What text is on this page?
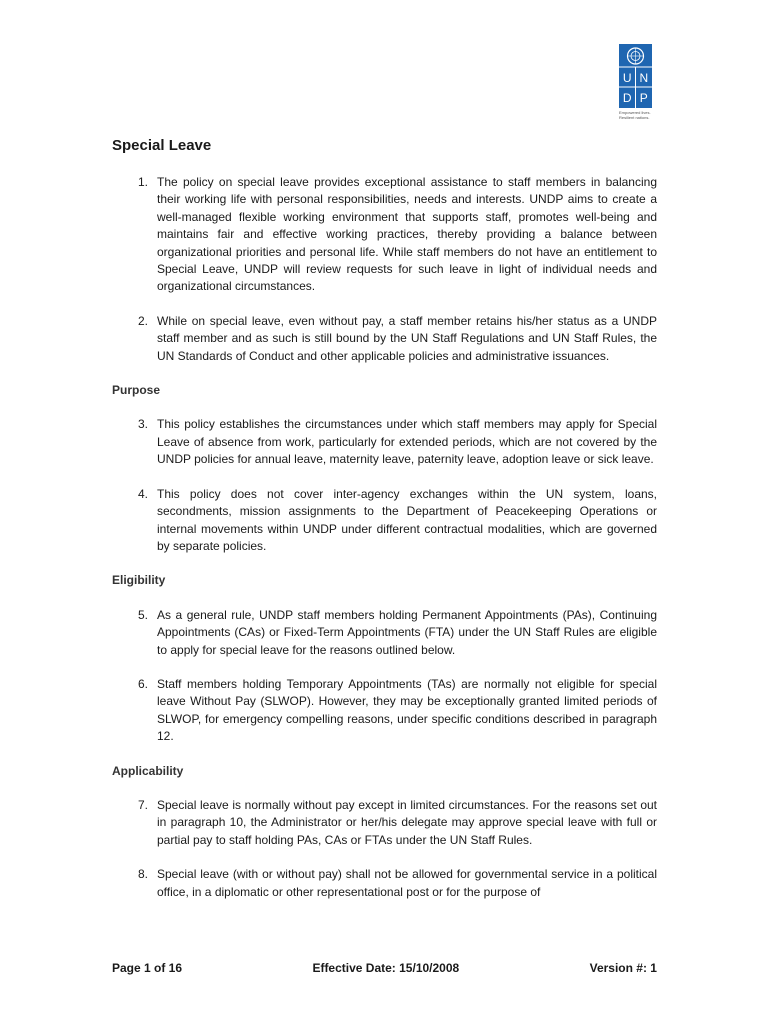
U N
D P
Empowered lives.
Resilient nations.
Special Leave
1. The policy on special leave provides exceptional assistance to staff members in balancing their working life with personal responsibilities, needs and interests. UNDP aims to create a well-managed flexible working environment that supports staff, promotes well-being and maintains fair and effective working practices, thereby providing a balance between organizational priorities and personal life. While staff members do not have an entitlement to Special Leave, UNDP will review requests for such leave in light of individual needs and organizational circumstances.
2. While on special leave, even without pay, a staff member retains his/her status as a UNDP staff member and as such is still bound by the UN Staff Regulations and UN Staff Rules, the UN Standards of Conduct and other applicable policies and administrative issuances.
Purpose
3. This policy establishes the circumstances under which staff members may apply for Special Leave of absence from work, particularly for extended periods, which are not covered by the UNDP policies for annual leave, maternity leave, paternity leave, adoption leave or sick leave.
4. This policy does not cover inter-agency exchanges within the UN system, loans, secondments, mission assignments to the Department of Peacekeeping Operations or internal movements within UNDP under different contractual modalities, which are governed by separate policies.
Eligibility
5. As a general rule, UNDP staff members holding Permanent Appointments (PAs), Continuing Appointments (CAs) or Fixed-Term Appointments (FTA) under the UN Staff Rules are eligible to apply for special leave for the reasons outlined below.
6. Staff members holding Temporary Appointments (TAs) are normally not eligible for special leave Without Pay (SLWOP). However, they may be exceptionally granted limited periods of SLWOP, for emergency compelling reasons, under specific conditions described in paragraph 12.
Applicability
7. Special leave is normally without pay except in limited circumstances. For the reasons set out in paragraph 10, the Administrator or her/his delegate may approve special leave with full or partial pay to staff holding PAs, CAs or FTAs under the UN Staff Rules.
8. Special leave (with or without pay) shall not be allowed for governmental service in a political office, in a diplomatic or other representational post or for the purpose of
Page 1 of 16	Effective Date: 15/10/2008	Version #: 1
